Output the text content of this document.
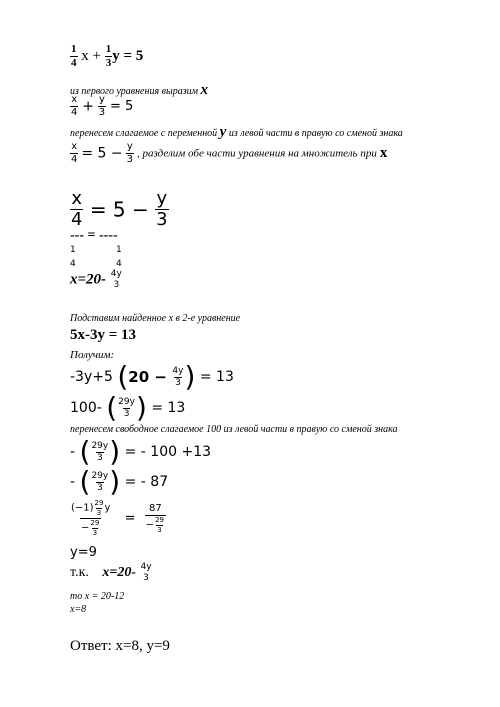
$\frac{1}{4}$ $x + \frac{1}{3}$ y = 5
из первого уравнения выразим x
$\frac{x}{4} + \frac{y}{3} = 5$
перенесем слагаемое с переменной y из левой части в правую со сменой знака
$\frac{x}{4} = 5 - \frac{y}{3}$ , разделим обе части уравнения на множитель при x
$\frac{x}{4} = 5 - \frac{y}{3}$
--- = ----
1
4
1
4
x=20- 4y
3
Подставим найденное x в 2-е уравнение
5x-3y = 13
Получим:
-3y+5 ($20 - \frac{4y}{3}$ ) = 13
100- ( $\frac{29y}{3}$ ) = 13
перенесем свободное слагаемое 100 из левой части в правую со сменой знака
- ( $\frac{29y}{3}$ ) = - 100 +13
- ( $\frac{29y}{3}$ ) = - 87
$\frac{(-1) \frac{29}{3} y}{- \frac{29}{3}} = \frac{87}{- \frac{29}{3}}$
y=9
т.к. x=20- 4y
3
то x = 20-12
x=8
Ответ: x=8, y=9
